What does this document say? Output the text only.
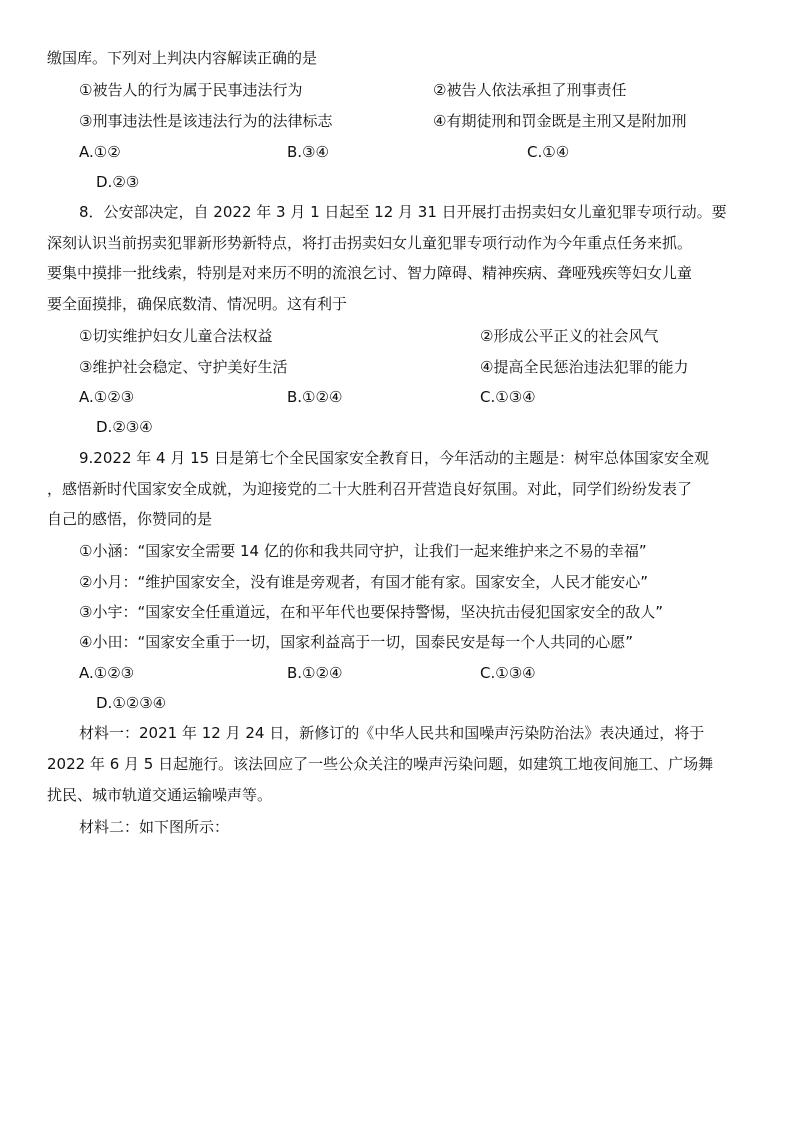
缴国库。下列对上判决内容解读正确的是
①被告人的行为属于民事违法行为	②被告人依法承担了刑事责任
③刑事违法性是该违法行为的法律标志	④有期徒刑和罚金既是主刑又是附加刑
A.①②	B.③④	C.①④
D.②③
8．公安部决定，自 2022 年 3 月 1 日起至 12 月 31 日开展打击拐卖妇女儿童犯罪专项行动。要
深刻认识当前拐卖犯罪新形势新特点，将打击拐卖妇女儿童犯罪专项行动作为今年重点任务来抓。
要集中摸排一批线索，特别是对来历不明的流浪乞讨、智力障碍、精神疾病、聋哑残疾等妇女儿童
要全面摸排，确保底数清、情况明。这有利于
①切实维护妇女儿童合法权益	②形成公平正义的社会风气
③维护社会稳定、守护美好生活	④提高全民惩治违法犯罪的能力
A.①②③	B.①②④	C.①③④
D.②③④
9.2022 年 4 月 15 日是第七个全民国家安全教育日，今年活动的主题是：树牢总体国家安全观
，感悟新时代国家安全成就，为迎接党的二十大胜利召开营造良好氛围。对此，同学们纷纷发表了
自己的感悟，你赞同的是
①小涵：“国家安全需要 14 亿的你和我共同守护，让我们一起来维护来之不易的幸福”
②小月：“维护国家安全，没有谁是旁观者，有国才能有家。国家安全，人民才能安心”
③小宇：“国家安全任重道远，在和平年代也要保持警惕，坚决抗击侵犯国家安全的敌人”
④小田：“国家安全重于一切，国家利益高于一切，国泰民安是每一个人共同的心愿”
A.①②③	B.①②④	C.①③④
D.①②③④
材料一：2021 年 12 月 24 日，新修订的《中华人民共和国噪声污染防治法》表决通过，将于
2022 年 6 月 5 日起施行。该法回应了一些公众关注的噪声污染问题，如建筑工地夜间施工、广场舞
扰民、城市轨道交通运输噪声等。
材料二：如下图所示：
